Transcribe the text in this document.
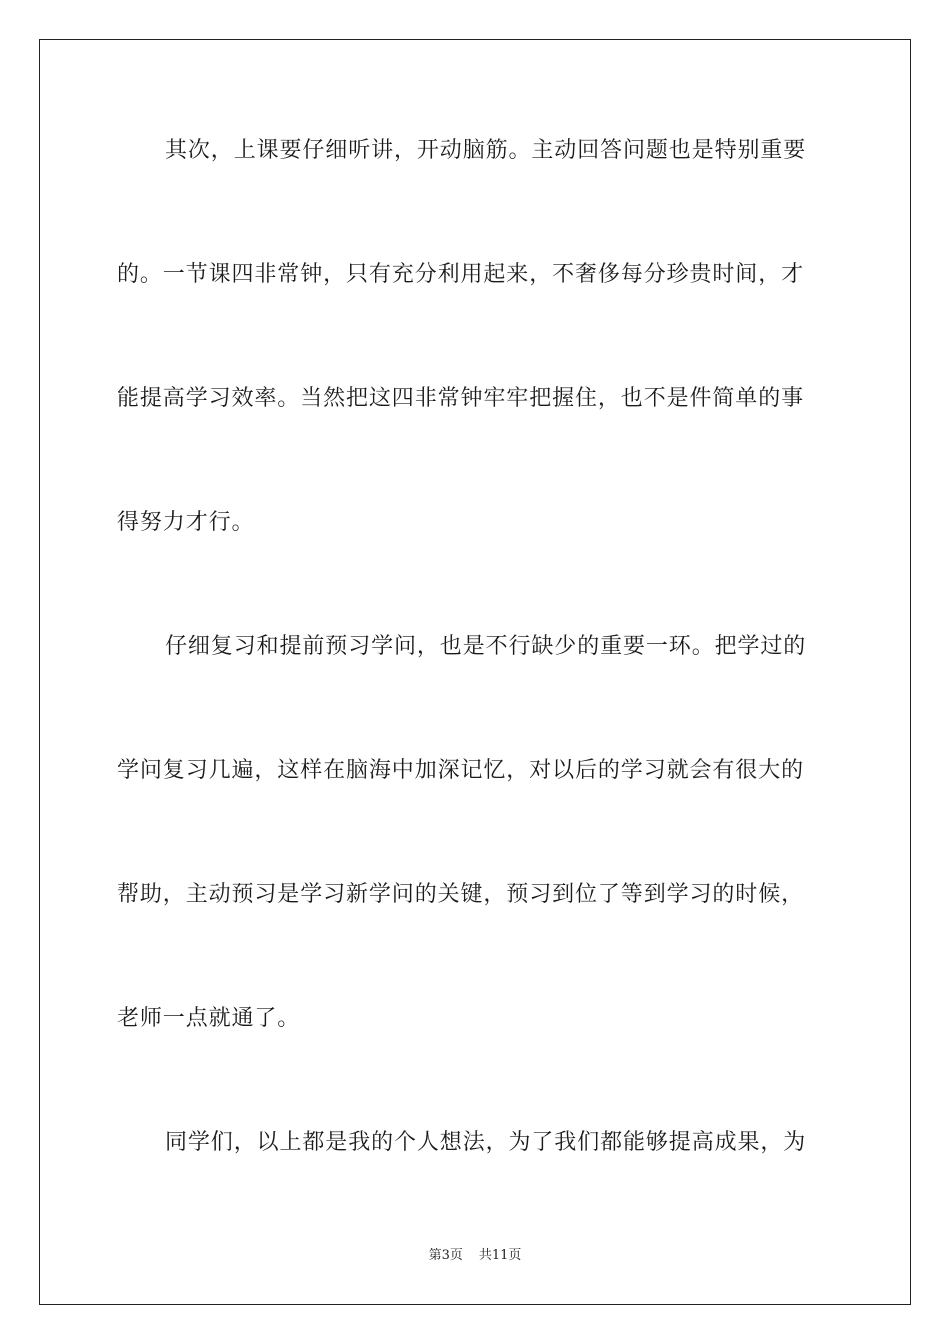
其次，上课要仔细听讲，开动脑筋。主动回答问题也是特别重要
的。一节课四非常钟，只有充分利用起来，不奢侈每分珍贵时间，才
能提高学习效率。当然把这四非常钟牢牢把握住，也不是件简单的事
得努力才行。
仔细复习和提前预习学问，也是不行缺少的重要一环。把学过的
学问复习几遍，这样在脑海中加深记忆，对以后的学习就会有很大的
帮助，主动预习是学习新学问的关键，预习到位了等到学习的时候，
老师一点就通了。
同学们，以上都是我的个人想法，为了我们都能够提高成果，为
第3页 共11页
